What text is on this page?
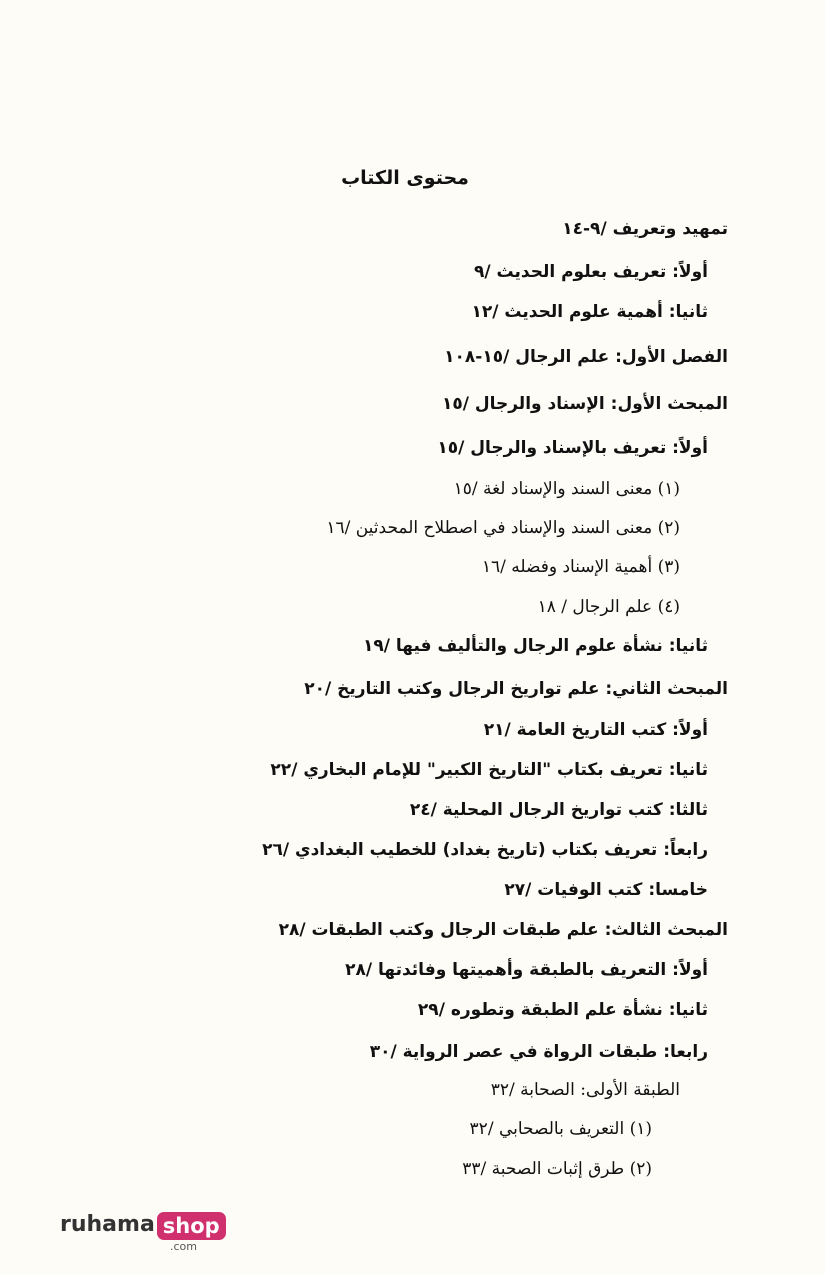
محتوى الكتاب
تمهيد وتعريف /٩-١٤
أولاً: تعريف بعلوم الحديث /٩
ثانيا: أهمية علوم الحديث /١٢
الفصل الأول: علم الرجال /١٥-١٠٨
المبحث الأول: الإسناد والرجال /١٥
أولاً: تعريف بالإسناد والرجال /١٥
(١) معنى السند والإسناد لغة /١٥
(٢) معنى السند والإسناد في اصطلاح المحدثين /١٦
(٣) أهمية الإسناد وفضله /١٦
(٤) علم الرجال / ١٨
ثانيا: نشأة علوم الرجال والتأليف فيها /١٩
المبحث الثاني: علم تواريخ الرجال وكتب التاريخ /٢٠
أولاً: كتب التاريخ العامة /٢١
ثانيا: تعريف بكتاب "التاريخ الكبير" للإمام البخاري /٢٢
ثالثا: كتب تواريخ الرجال المحلية /٢٤
رابعاً: تعريف بكتاب (تاريخ بغداد) للخطيب البغدادي /٢٦
خامسا: كتب الوفيات /٢٧
المبحث الثالث: علم طبقات الرجال وكتب الطبقات /٢٨
أولاً: التعريف بالطبقة وأهميتها وفائدتها /٢٨
ثانيا: نشأة علم الطبقة وتطوره /٢٩
رابعا: طبقات الرواة في عصر الرواية /٣٠
الطبقة الأولى: الصحابة /٣٢
(١) التعريف بالصحابي /٣٢
(٢) طرق إثبات الصحبة /٣٣
ruhama shop
.com
